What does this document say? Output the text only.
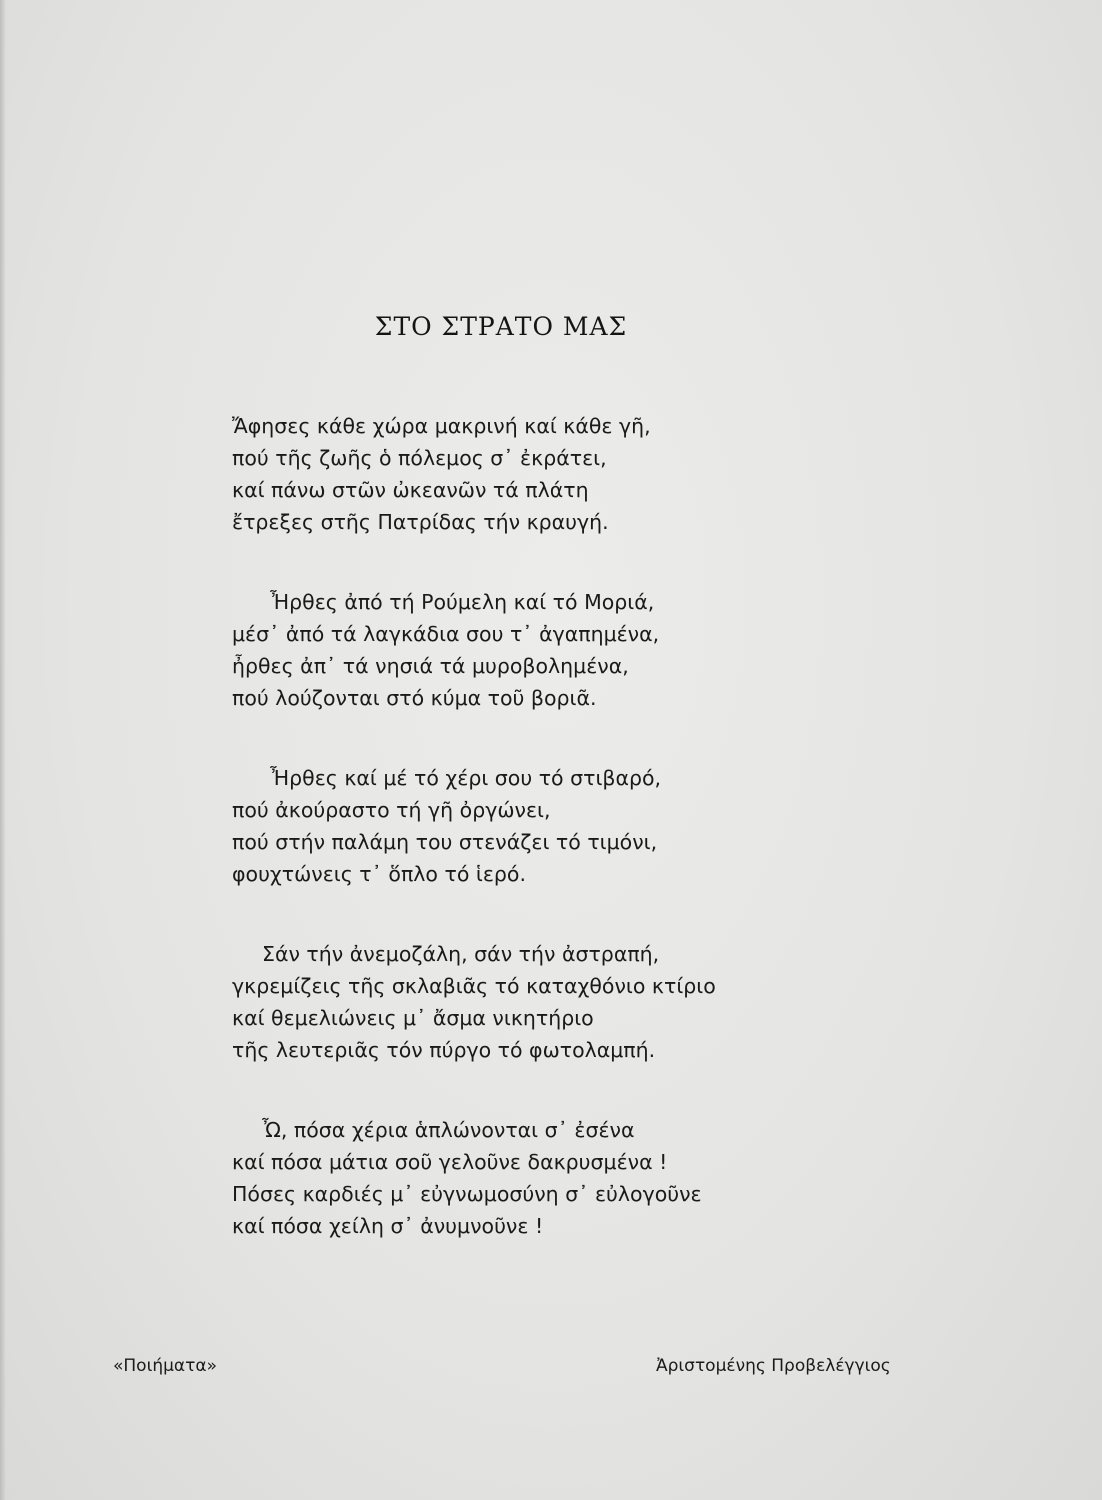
ΣΤΟ ΣΤΡΑΤΟ ΜΑΣ
Ἄφησες κάθε χώρα μακρινή καί κάθε γῆ,
πού τῆς ζωῆς ὁ πόλεμος σ᾽ ἐκράτει,
καί πάνω στῶν ὠκεανῶν τά πλάτη
ἔτρεξες στῆς Πατρίδας τήν κραυγή.
Ἦρθες ἀπό τή Ρούμελη καί τό Μοριά,
μέσ᾽ ἀπό τά λαγκάδια σου τ᾽ ἀγαπημένα,
ἦρθες ἀπ᾽ τά νησιά τά μυροβολημένα,
πού λούζονται στό κύμα τοῦ βοριᾶ.
Ἦρθες καί μέ τό χέρι σου τό στιβαρό,
πού ἀκούραστο τή γῆ ὀργώνει,
πού στήν παλάμη του στενάζει τό τιμόνι,
φουχτώνεις τ᾽ ὅπλο τό ἱερό.
Σάν τήν ἀνεμοζάλη, σάν τήν ἀστραπή,
γκρεμίζεις τῆς σκλαβιᾶς τό καταχθόνιο κτίριο
καί θεμελιώνεις μ᾽ ἄσμα νικητήριο
τῆς λευτεριᾶς τόν πύργο τό φωτολαμπή.
Ὦ, πόσα χέρια ἁπλώνονται σ᾽ ἐσένα
καί πόσα μάτια σοῦ γελοῦνε δακρυσμένα !
Πόσες καρδιές μ᾽ εὐγνωμοσύνη σ᾽ εὐλογοῦνε
καί πόσα χείλη σ᾽ ἀνυμνοῦνε !
«Ποιήματα»	Ἀριστομένης Προβελέγγιος
